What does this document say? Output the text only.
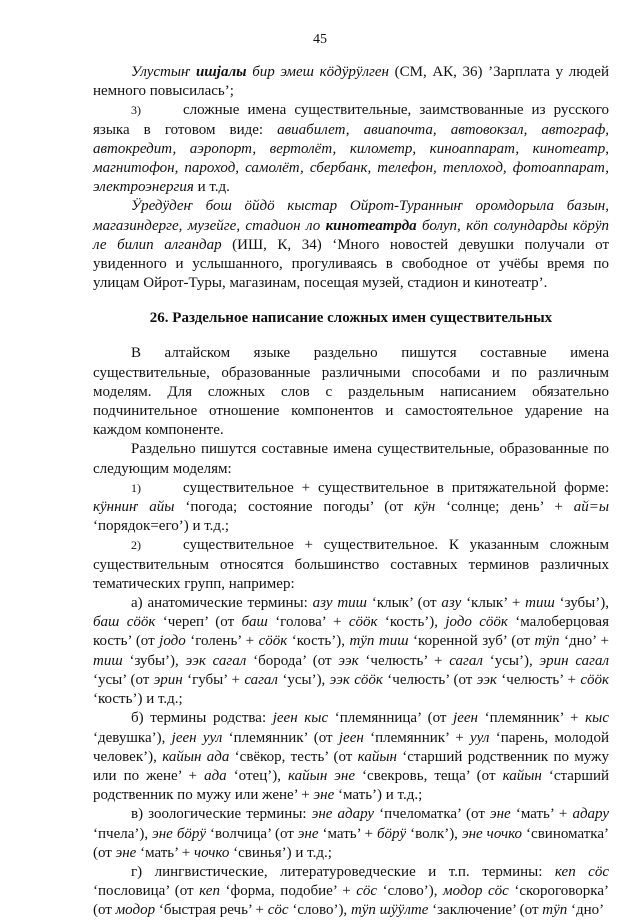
45

Улустыҥ ишјалы бир эмеш кӧдӱрӱлген (СМ, АК, 36) ’Зарплата у людей немного повысилась’;

3)	сложные имена существительные, заимствованные из русского языка в готовом виде: авиабилет, авиапочта, автовокзал, автограф, автокредит, аэропорт, вертолёт, километр, киноаппарат, кинотеатр, магнитофон, пароход, самолёт, сбербанк, телефон, теплоход, фотоаппарат, электроэнергия и т.д.

Ӱредӱдеҥ бош ӧйдӧ кыстар Ойрот-Туранныҥ оромдорыла базын, магазиндерге, музейге, стадион ло кинотеатрда болуп, кӧп солундарды кӧрӱп ле билип алгандар (ИШ, К, 34) ‘Много новостей девушки получали от увиденного и услышанного, прогуливаясь в свободное от учёбы время по улицам Ойрот-Туры, магазинам, посещая музей, стадион и кинотеатр’.

26. Раздельное написание сложных имен существительных

В алтайском языке раздельно пишутся составные имена существительные, образованные различными способами и по различным моделям. Для сложных слов с раздельным написанием обязательно подчинительное отношение компонентов и самостоятельное ударение на каждом компоненте.

Раздельно пишутся составные имена существительные, образованные по следующим моделям:

1)	существительное + существительное в притяжательной форме: кӱнниҥ айы ‘погода; состояние погоды’ (от кӱн ‘солнце; день’ + ай=ы ‘порядок=его’) и т.д.;

2)	существительное + существительное. К указанным сложным существительным относятся большинство составных терминов различных тематических групп, например:

а) анатомические термины: азу тиш ‘клык’ (от азу ‘клык’ + тиш ‘зубы’), баш сӧӧк ‘череп’ (от баш ‘голова’ + сӧӧк ‘кость’), јодо сӧӧк ‘малоберцовая кость’ (от јодо ‘голень’ + сӧӧк ‘кость’), тӱп тиш ‘коренной зуб’ (от тӱп ‘дно’ + тиш ‘зубы’), ээк сагал ‘борода’ (от ээк ‘челюсть’ + сагал ‘усы’), эрин сагал ‘усы’ (от эрин ‘губы’ + сагал ‘усы’), ээк сӧӧк ‘челюсть’ (от ээк ‘челюсть’ + сӧӧк ‘кость’) и т.д.;

б) термины родства: јеен кыс ‘племянница’ (от јеен ‘племянник’ + кыс ‘девушка’), јеен уул ‘племянник’ (от јеен ‘племянник’ + уул ‘парень, молодой человек’), кайын ада ‘свёкор, тесть’ (от кайын ‘старший родственник по мужу или по жене’ + ада ‘отец’), кайын эне ‘свекровь, теща’ (от кайын ‘старший родственник по мужу или жене’ + эне ‘мать’) и т.д.;

в) зоологические термины: эне адару ‘пчеломатка’ (от эне ‘мать’ + адару ‘пчела’), эне бӧрӱ ‘волчица’ (от эне ‘мать’ + бӧрӱ ‘волк’), эне чочко ‘свиноматка’ (от эне ‘мать’ + чочко ‘свинья’) и т.д.;

г) лингвистические, литературоведческие и т.п. термины: кеп сӧс ‘пословица’ (от кеп ‘форма, подобие’ + сӧс ‘слово’), модор сӧс ‘скороговорка’ (от модор ‘быстрая речь’ + сӧс ‘слово’), тӱп шӱӱлте ‘заключение’ (от тӱп ‘дно’
